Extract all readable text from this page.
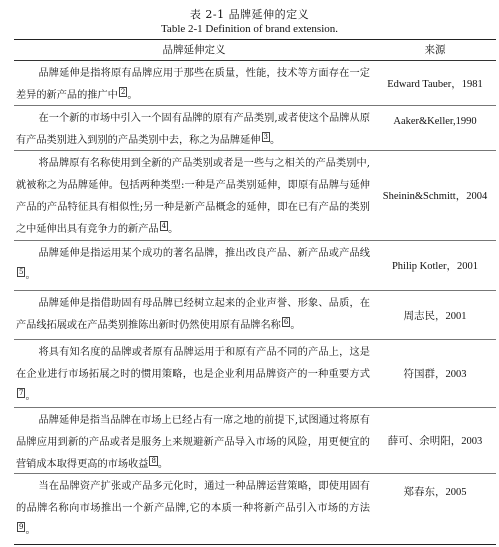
表 2-1 品牌延伸的定义
Table 2-1 Definition of brand extension.
品牌延伸定义	来源
品牌延伸是指将原有品牌应用于那些在质量，性能，技术等方面存在一定差异的新产品的推广中 $^2$ 。
Edward Tauber，1981
在一个新的市场中引入一个固有品牌的原有产品类别,或者使这个品牌从原有产品类别进入到别的产品类别中去，称之为品牌延伸 $^3$ 。
Aaker&Keller,1990
将品牌原有名称使用到全新的产品类别或者是一些与之相关的产品类别中,就被称之为品牌延伸。包括两种类型:一种是产品类别延伸，即原有品牌与延伸产品的产品特征具有相似性;另一种是新产品概念的延伸，即在已有产品的类别之中延伸出具有竞争力的新产品 $^4$ 。
Sheinin&Schmitt，2004
品牌延伸是指运用某个成功的著名品牌，推出改良产品、新产品或产品线$^5$ 。
Philip Kotler，2001
品牌延伸是指借助固有母品牌已经树立起来的企业声誉、形象、品质，在产品线拓展或在产品类别推陈出新时仍然使用原有品牌名称 $^6$ 。
周志民，2001
将具有知名度的品牌或者原有品牌运用于和原有产品不同的产品上，这是在企业进行市场拓展之时的惯用策略，也是企业利用品牌资产的一种重要方式$^7$ 。
符国群，2003
品牌延伸是指当品牌在市场上已经占有一席之地的前提下,试图通过将原有品牌应用到新的产品或者是服务上来规避新产品导入市场的风险，用更便宜的营销成本取得更高的市场收益 $^8$ 。
薛可、余明阳，2003
当在品牌资产扩张或产品多元化时，通过一种品牌运营策略，即使用固有的品牌名称向市场推出一个新产品牌,它的本质一种将新产品引入市场的方法$^9$ 。
郑春东，2005
